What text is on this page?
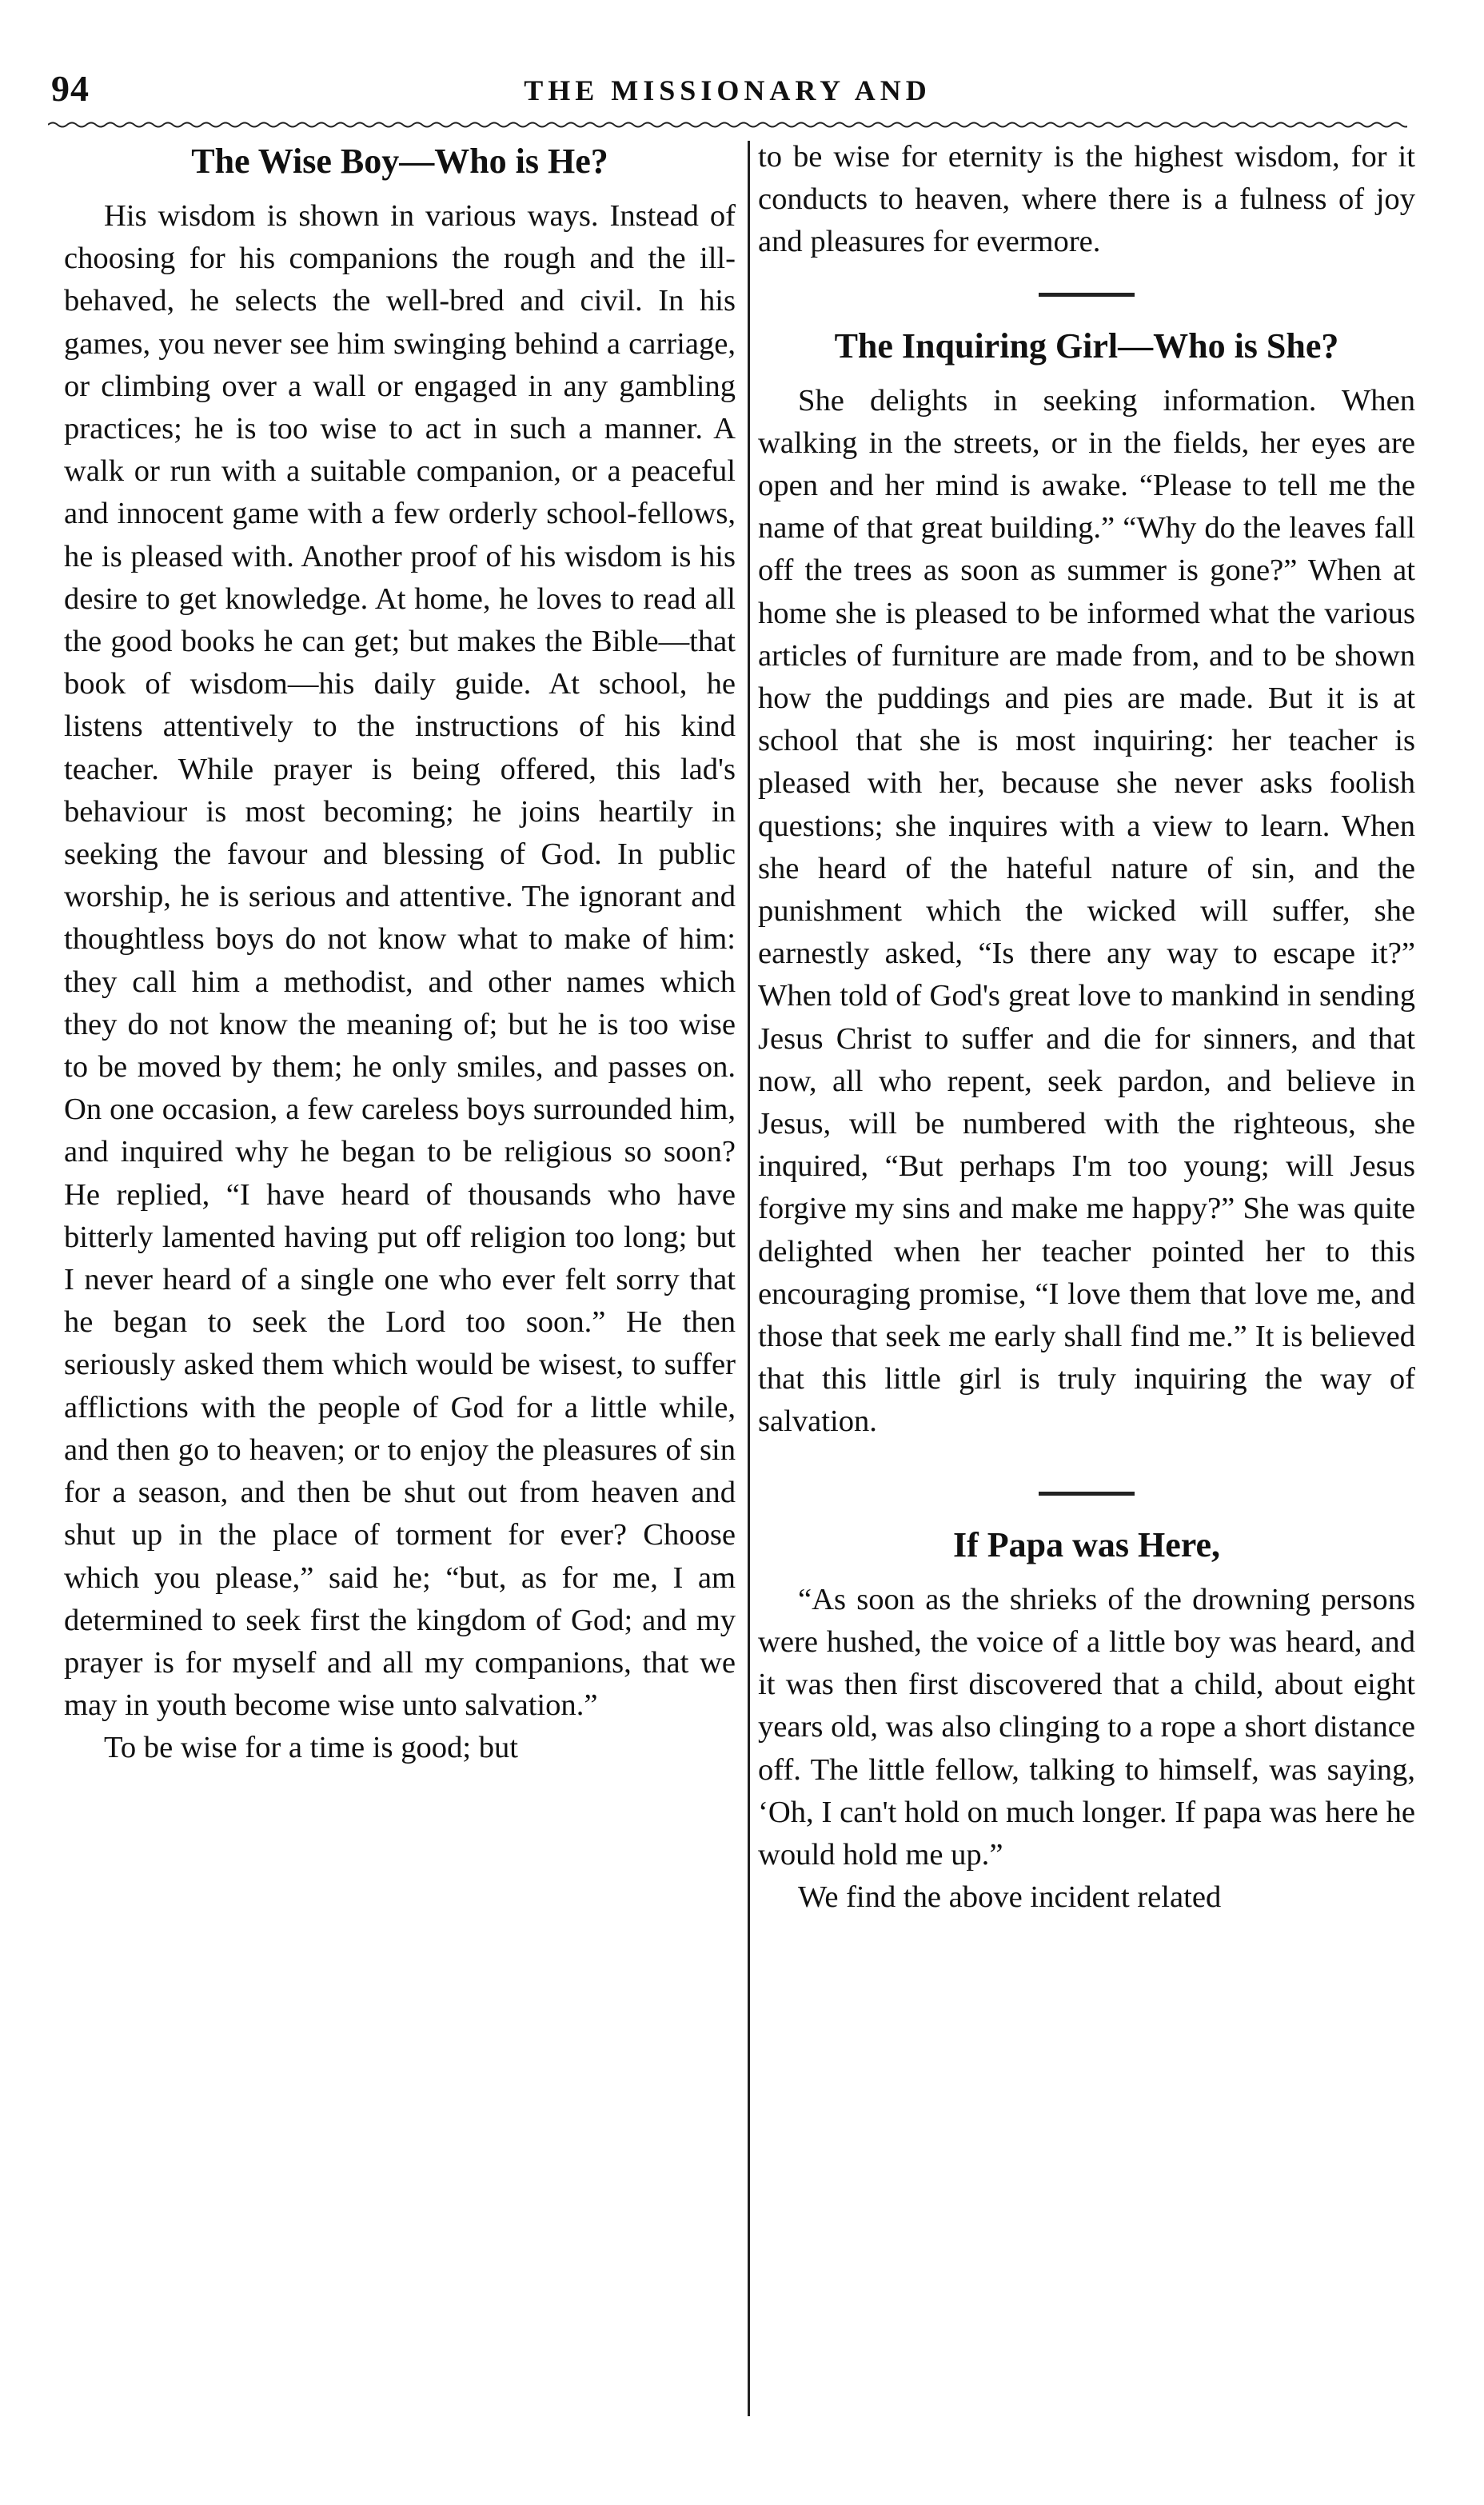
94	THE MISSIONARY AND
The Wise Boy—Who is He?

His wisdom is shown in various ways. Instead of choosing for his companions the rough and the ill-behaved, he selects the well-bred and civil. In his games, you never see him swinging behind a carriage, or climbing over a wall or engaged in any gambling practices; he is too wise to act in such a manner. A walk or run with a suitable companion, or a peaceful and innocent game with a few orderly school-fellows, he is pleased with. Another proof of his wisdom is his desire to get knowledge. At home, he loves to read all the good books he can get; but makes the Bible—that book of wisdom—his daily guide. At school, he listens attentively to the instructions of his kind teacher. While prayer is being offered, this lad's behaviour is most becoming; he joins heartily in seeking the favour and blessing of God. In public worship, he is serious and attentive. The ignorant and thoughtless boys do not know what to make of him: they call him a methodist, and other names which they do not know the meaning of; but he is too wise to be moved by them; he only smiles, and passes on. On one occasion, a few careless boys surrounded him, and inquired why he began to be religious so soon? He replied, “I have heard of thousands who have bitterly lamented having put off religion too long; but I never heard of a single one who ever felt sorry that he began to seek the Lord too soon.” He then seriously asked them which would be wisest, to suffer afflictions with the people of God for a little while, and then go to heaven; or to enjoy the pleasures of sin for a season, and then be shut out from heaven and shut up in the place of torment for ever? Choose which you please,” said he; “but, as for me, I am determined to seek first the kingdom of God; and my prayer is for myself and all my companions, that we may in youth become wise unto salvation.”

To be wise for a time is good; but

to be wise for eternity is the highest wisdom, for it conducts to heaven, where there is a fulness of joy and pleasures for evermore.

The Inquiring Girl—Who is She?

She delights in seeking information. When walking in the streets, or in the fields, her eyes are open and her mind is awake. “Please to tell me the name of that great building.” “Why do the leaves fall off the trees as soon as summer is gone?” When at home she is pleased to be informed what the various articles of furniture are made from, and to be shown how the puddings and pies are made. But it is at school that she is most inquiring: her teacher is pleased with her, because she never asks foolish questions; she inquires with a view to learn. When she heard of the hateful nature of sin, and the punishment which the wicked will suffer, she earnestly asked, “Is there any way to escape it?” When told of God's great love to mankind in sending Jesus Christ to suffer and die for sinners, and that now, all who repent, seek pardon, and believe in Jesus, will be numbered with the righteous, she inquired, “But perhaps I'm too young; will Jesus forgive my sins and make me happy?” She was quite delighted when her teacher pointed her to this encouraging promise, “I love them that love me, and those that seek me early shall find me.” It is believed that this little girl is truly inquiring the way of salvation.

If Papa was Here,

“As soon as the shrieks of the drowning persons were hushed, the voice of a little boy was heard, and it was then first discovered that a child, about eight years old, was also clinging to a rope a short distance off. The little fellow, talking to himself, was saying, ‘Oh, I can't hold on much longer. If papa was here he would hold me up.”

We find the above incident related
